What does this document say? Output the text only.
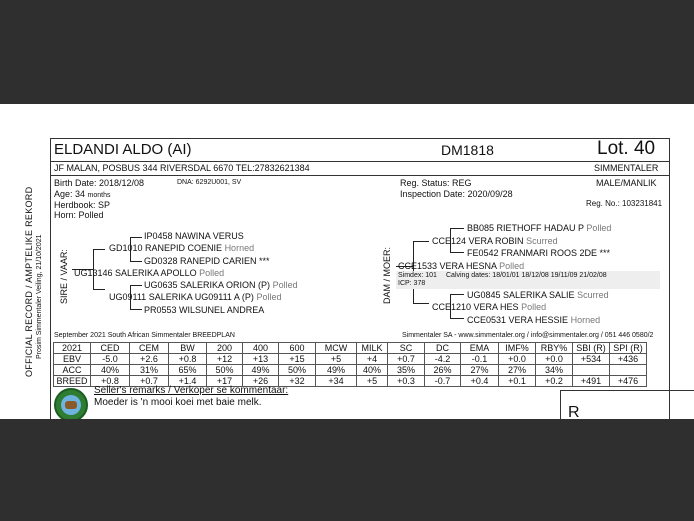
OFFICIAL RECORD / AMPTELIKE REKORD Prosim Simmentaler Veiling, 21/10/2021
ELDANDI ALDO (AI)	DM1818	Lot. 40
JF MALAN, POSBUS 344 RIVERSDAL 6670 TEL:27832621384	SIMMENTALER
Birth Date: 2018/12/08	DNA: 6292U001, SV
Age: 34 months
Herdbook: SP
Horn: Polled
Reg. Status: REG
Inspection Date: 2020/09/28
MALE/MANLIK
Reg. No.: 103231841
SIRE / VAAR:
IP0458 NAWINA VERUS
GD1010 RANEPID COENIE Horned
GD0328 RANEPID CARIEN ***
UG13146 SALERIKA APOLLO Polled
UG0635 SALERIKA ORION (P) Polled
UG09111 SALERIKA UG09111 A (P) Polled
PR0553 WILSUNEL ANDREA
DAM / MOER:
BB085 RIETHOFF HADAU P Polled
CCE124 VERA ROBIN Scurred
FE0542 FRANMARI ROOS 2DE ***
CCE1533 VERA HESNA Polled
Simdex: 101 Calving dates: 18/01/01 18/12/08 19/11/09 21/02/08
ICP: 378
UG0845 SALERIKA SALIE Scurred
CCE1210 VERA HES Polled
CCE0531 VERA HESSIE Horned
September 2021 South African Simmentaler BREEDPLAN	Simmentaler SA - www.simmentaler.org / info@simmentaler.org / 051 446 0580/2
2021	CED	CEM	BW	200	400	600	MCW	MILK	SC	DC	EMA	IMF%	RBY%	SBI (R)	SPI (R)
EBV	-5.0	+2.6	+0.8	+12	+13	+15	+5	+4	+0.7	-4.2	-0.1	+0.0	+0.0	+534	+436
ACC	40%	31%	65%	50%	49%	50%	49%	40%	35%	26%	27%	27%	34%		
BREED	+0.8	+0.7	+1.4	+17	+26	+32	+34	+5	+0.3	-0.7	+0.4	+0.1	+0.2	+491	+476
Seller's remarks / Verkoper se kommentaar:
Moeder is 'n mooi koei met baie melk.
R
